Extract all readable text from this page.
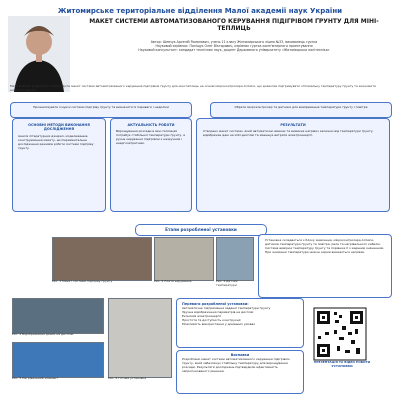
Житомирське територіальне відділення Малої академії наук України
МАКЕТ СИСТЕМИ АВТОМАТИЗОВАНОГО КЕРУВАННЯ ПІДІГРІВОМ ҐРУНТУ ДЛЯ МІНІ-ТЕПЛИЦЬ
Автор: Шевчук Арсеній Романович, учень 11 класу Житомирського ліцею №33, вихованець гуртка
Науковий керівник: Поліщук Олег Вікторович, керівник гуртка комп'ютерного проектування
Науковий консультант: кандидат технічних наук, доцент Державного університету «Житомирська політехніка»
Мета роботи: розробити та дослідити макет системи автоматизованого керування підігрівом ґрунту для міні-теплиць на основі мікроконтролера Arduino, що дозволяє підтримувати оптимальну температуру ґрунту та економити електроенергію.
Проаналізувати існуючі системи підігріву ґрунту та визначити їх переваги і недоліки	Обрати мікроконтролер та датчики для вимірювання температури ґрунту і повітря
ОСНОВНІ МЕТОДИ ВИКОНАННЯ ДОСЛІДЖЕННЯ
Аналіз літературних джерел, моделювання, конструювання макету, експериментальне дослідження режимів роботи системи підігріву ґрунту.
АКТУАЛЬНІСТЬ РОБОТИ
Вирощування розсади в міні-теплицях потребує стабільної температури ґрунту, а ручне керування підігрівом є незручним і енергозатратним.
РЕЗУЛЬТАТИ
Створено макет системи, який автоматично вмикає та вимикає нагрівач залежно від температури ґрунту, відображає дані на LCD-дисплеї та зменшує витрати електроенергії.
Етапи розробленої установки
Рис. 1 Макет системи підігріву ґрунту	Рис. 2 Плата керування	Рис. 3 Датчик температури
Установка складається з блоку живлення, мікроконтролера Arduino, датчиків температури ґрунту та повітря, реле та нагрівального кабелю. Система вимірює температуру ґрунту та порівнює її з заданим значенням. При зниженні температури нижче норми вмикається нагрівач.
Рис. 4 Відображення даних на дисплеї
Рис. 5 Нагрівальний елемент	Рис. 6 Готова установка
Переваги розробленої установки:
Автоматичне підтримання заданої температури ґрунту
Зручне відображення параметрів на дисплеї
Економія електроенергії
Простота та доступність конструкції
Можливість використання у домашніх умовах
Висновки
Розроблено макет системи автоматизованого керування підігрівом ґрунту, який забезпечує стабільну температуру для вирощування розсади. Результати досліджень підтвердили ефективність запропонованого рішення.
ПРЕЗЕНТАЦІЯ ТА ВІДЕО РОБОТИ УСТАНОВКИ
